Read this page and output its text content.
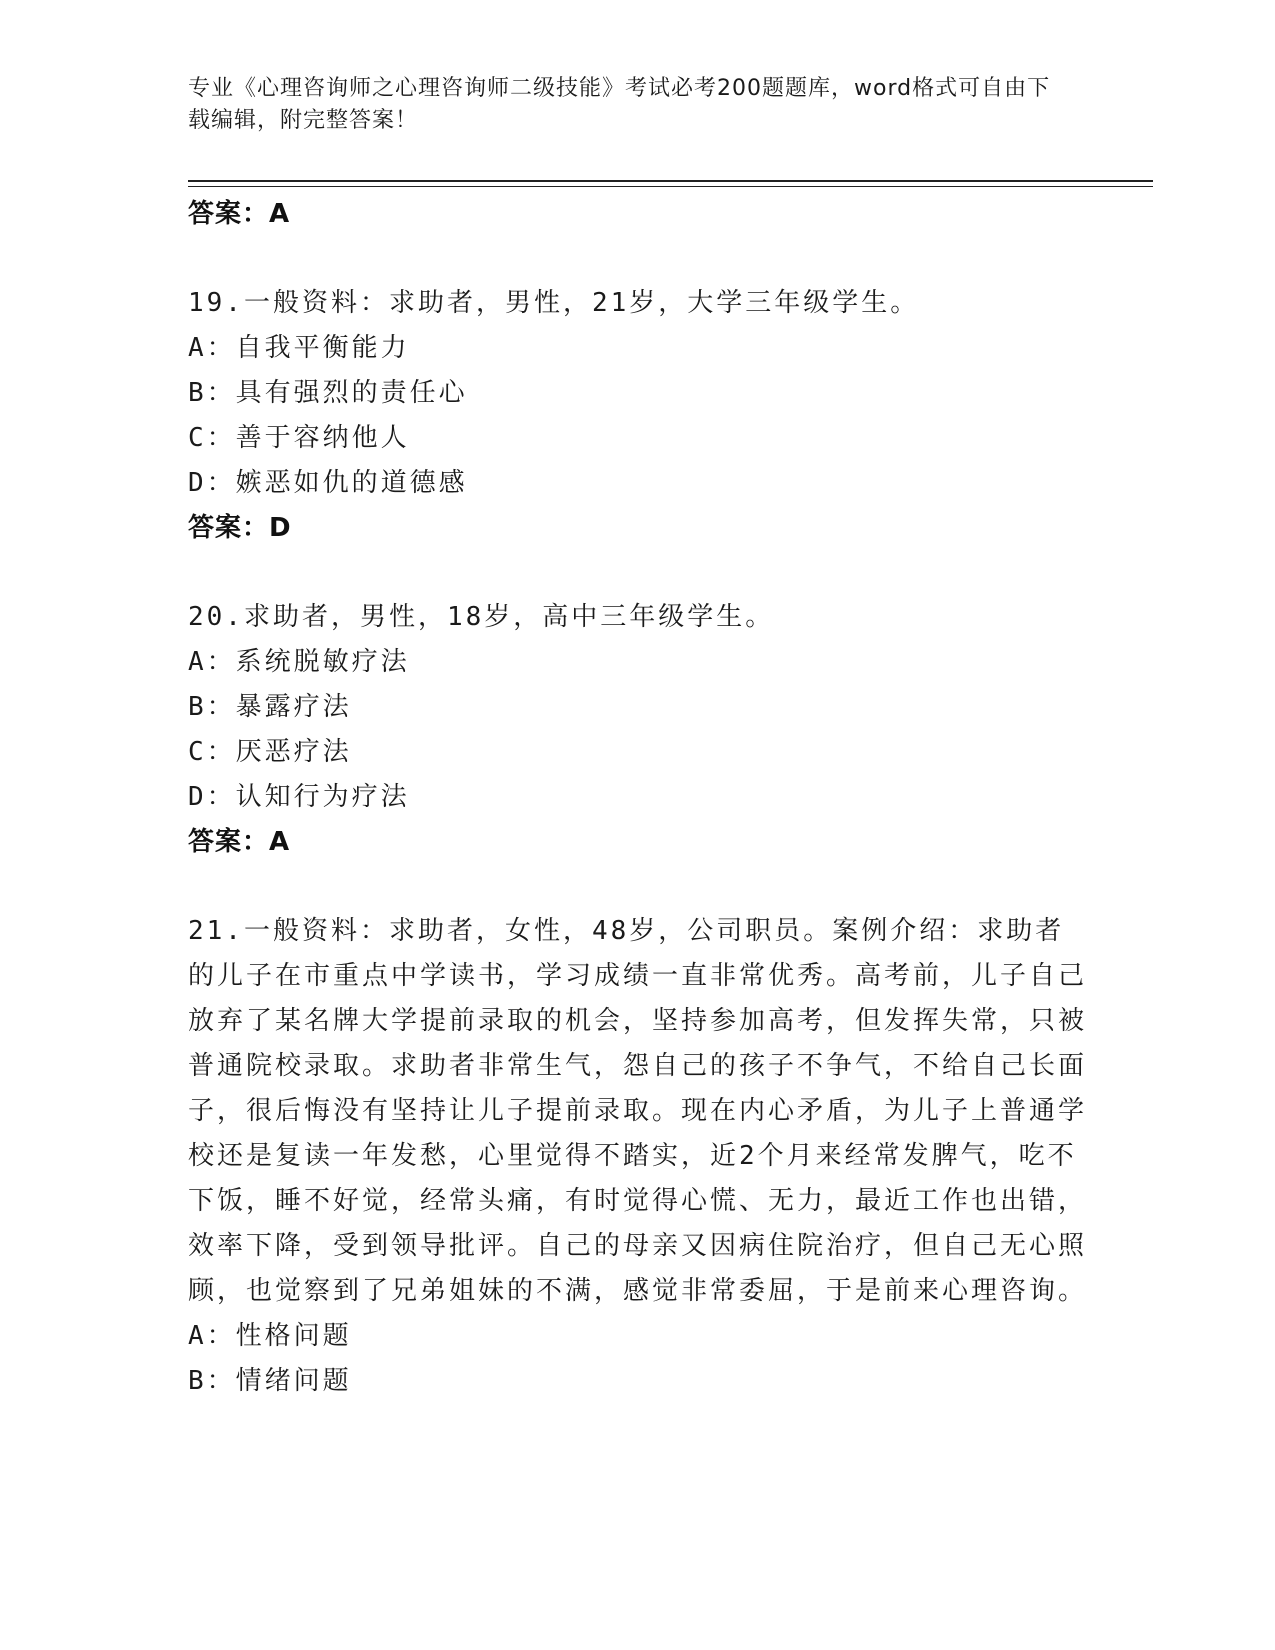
专业《心理咨询师之心理咨询师二级技能》考试必考200题题库，word格式可自由下载编辑，附完整答案！
答案：A
19.一般资料：求助者，男性，21岁，大学三年级学生。
A：自我平衡能力
B：具有强烈的责任心
C：善于容纳他人
D：嫉恶如仇的道德感
答案：D
20.求助者，男性，18岁，高中三年级学生。
A：系统脱敏疗法
B：暴露疗法
C：厌恶疗法
D：认知行为疗法
答案：A
21.一般资料：求助者，女性，48岁，公司职员。案例介绍：求助者的儿子在市重点中学读书，学习成绩一直非常优秀。高考前，儿子自己放弃了某名牌大学提前录取的机会，坚持参加高考，但发挥失常，只被普通院校录取。求助者非常生气，怨自己的孩子不争气，不给自己长面子，很后悔没有坚持让儿子提前录取。现在内心矛盾，为儿子上普通学校还是复读一年发愁，心里觉得不踏实，近2个月来经常发脾气，吃不下饭，睡不好觉，经常头痛，有时觉得心慌、无力，最近工作也出错，效率下降，受到领导批评。自己的母亲又因病住院治疗，但自己无心照顾，也觉察到了兄弟姐妹的不满，感觉非常委屈，于是前来心理咨询。
A：性格问题
B：情绪问题
